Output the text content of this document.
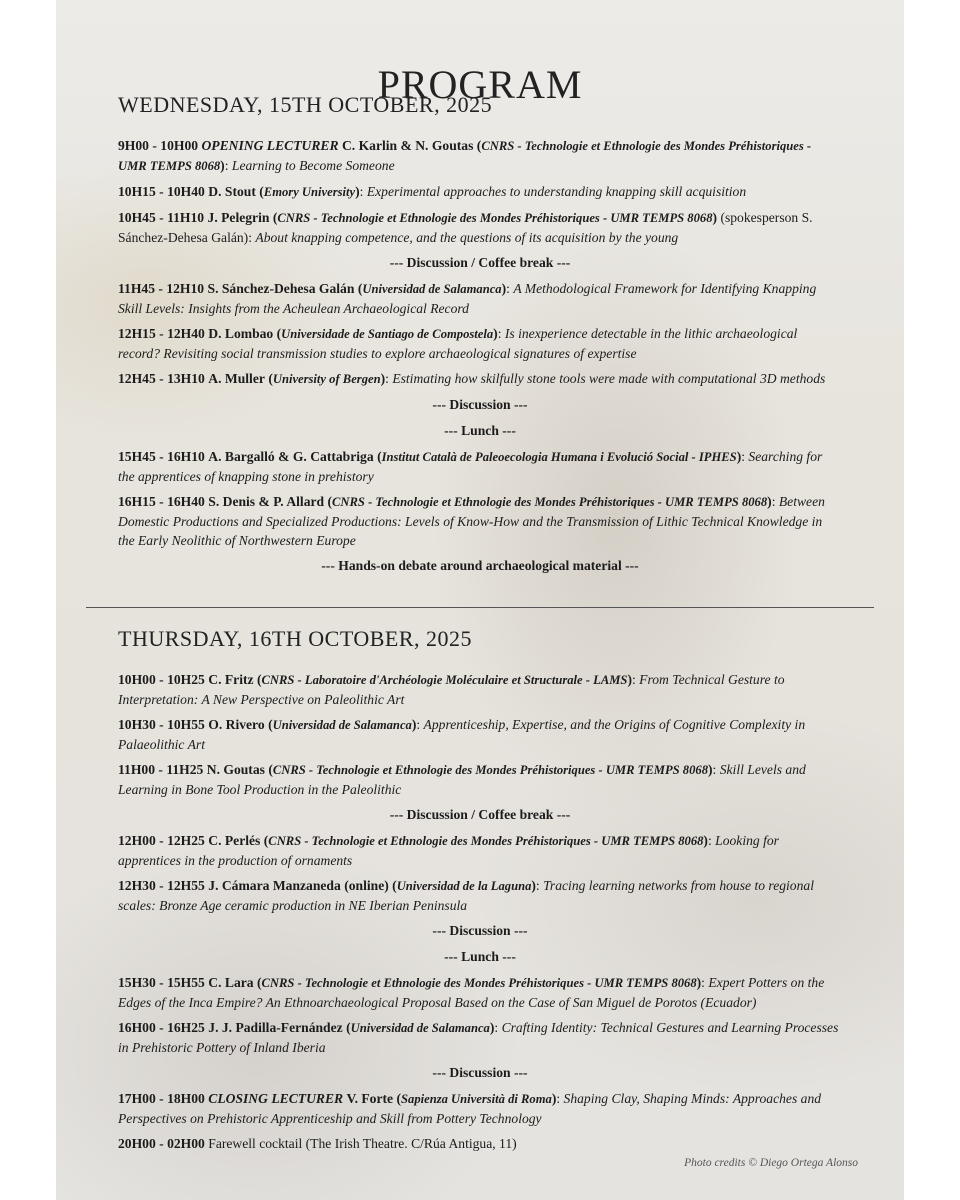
PROGRAM
WEDNESDAY, 15TH OCTOBER, 2025
9H00 - 10H00 OPENING LECTURER C. Karlin & N. Goutas (CNRS - Technologie et Ethnologie des Mondes Préhistoriques - UMR TEMPS 8068): Learning to Become Someone
10H15 - 10H40 D. Stout (Emory University): Experimental approaches to understanding knapping skill acquisition
10H45 - 11H10 J. Pelegrin (CNRS - Technologie et Ethnologie des Mondes Préhistoriques - UMR TEMPS 8068) (spokesperson S. Sánchez-Dehesa Galán): About knapping competence, and the questions of its acquisition by the young
--- Discussion / Coffee break ---
11H45 - 12H10 S. Sánchez-Dehesa Galán (Universidad de Salamanca): A Methodological Framework for Identifying Knapping Skill Levels: Insights from the Acheulean Archaeological Record
12H15 - 12H40 D. Lombao (Universidade de Santiago de Compostela): Is inexperience detectable in the lithic archaeological record? Revisiting social transmission studies to explore archaeological signatures of expertise
12H45 - 13H10 A. Muller (University of Bergen): Estimating how skilfully stone tools were made with computational 3D methods
--- Discussion ---
--- Lunch ---
15H45 - 16H10 A. Bargalló & G. Cattabriga (Institut Català de Paleoecologia Humana i Evolució Social - IPHES): Searching for the apprentices of knapping stone in prehistory
16H15 - 16H40 S. Denis & P. Allard (CNRS - Technologie et Ethnologie des Mondes Préhistoriques - UMR TEMPS 8068): Between Domestic Productions and Specialized Productions: Levels of Know-How and the Transmission of Lithic Technical Knowledge in the Early Neolithic of Northwestern Europe
--- Hands-on debate around archaeological material ---
THURSDAY, 16TH OCTOBER, 2025
10H00 - 10H25 C. Fritz (CNRS - Laboratoire d'Archéologie Moléculaire et Structurale - LAMS): From Technical Gesture to Interpretation: A New Perspective on Paleolithic Art
10H30 - 10H55 O. Rivero (Universidad de Salamanca): Apprenticeship, Expertise, and the Origins of Cognitive Complexity in Palaeolithic Art
11H00 - 11H25 N. Goutas (CNRS - Technologie et Ethnologie des Mondes Préhistoriques - UMR TEMPS 8068): Skill Levels and Learning in Bone Tool Production in the Paleolithic
--- Discussion / Coffee break ---
12H00 - 12H25 C. Perlés (CNRS - Technologie et Ethnologie des Mondes Préhistoriques - UMR TEMPS 8068): Looking for apprentices in the production of ornaments
12H30 - 12H55 J. Cámara Manzaneda (online) (Universidad de la Laguna): Tracing learning networks from house to regional scales: Bronze Age ceramic production in NE Iberian Peninsula
--- Discussion ---
--- Lunch ---
15H30 - 15H55 C. Lara (CNRS - Technologie et Ethnologie des Mondes Préhistoriques - UMR TEMPS 8068): Expert Potters on the Edges of the Inca Empire? An Ethnoarchaeological Proposal Based on the Case of San Miguel de Porotos (Ecuador)
16H00 - 16H25 J. J. Padilla-Fernández (Universidad de Salamanca): Crafting Identity: Technical Gestures and Learning Processes in Prehistoric Pottery of Inland Iberia
--- Discussion ---
17H00 - 18H00 CLOSING LECTURER V. Forte (Sapienza Università di Roma): Shaping Clay, Shaping Minds: Approaches and Perspectives on Prehistoric Apprenticeship and Skill from Pottery Technology
20H00 - 02H00 Farewell cocktail (The Irish Theatre. C/Rúa Antigua, 11)
Photo credits © Diego Ortega Alonso
